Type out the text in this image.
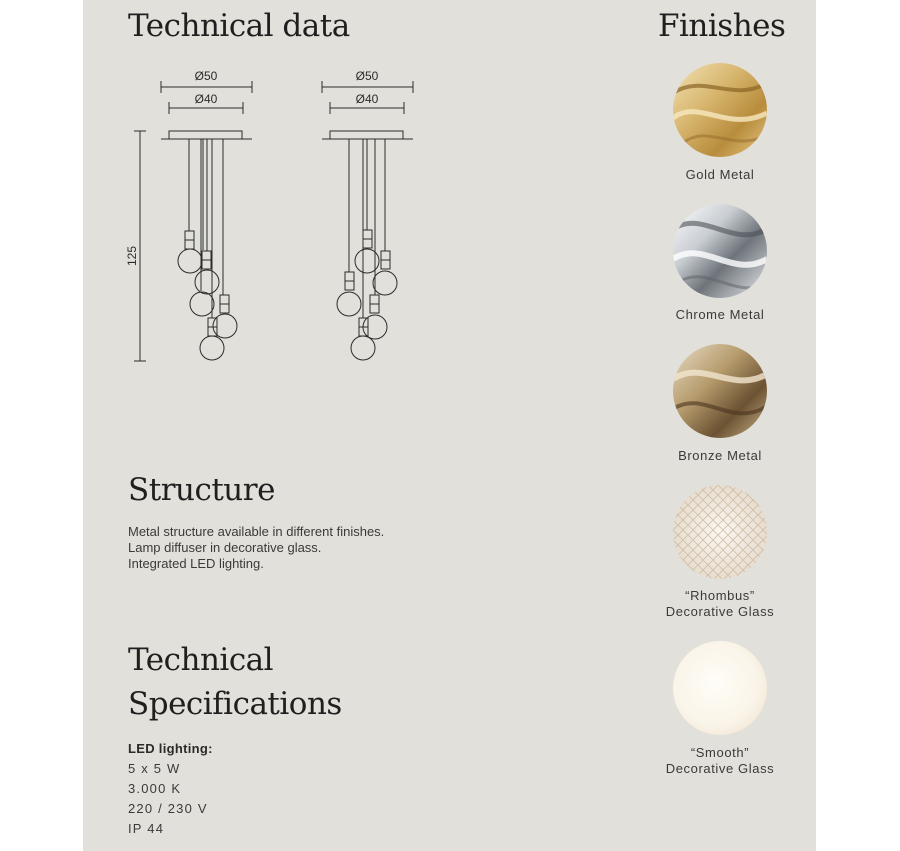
Technical data	Finishes
Ø50
Ø40
Ø50
Ø40
125
Structure
Metal structure available in different finishes.
Lamp diffuser in decorative glass.
Integrated LED lighting.
Technical
Specifications
LED lighting:
5 x 5 W
3.000 K
220 / 230 V
IP 44
Gold Metal
Chrome Metal
Bronze Metal
“Rhombus”
Decorative Glass
“Smooth”
Decorative Glass
